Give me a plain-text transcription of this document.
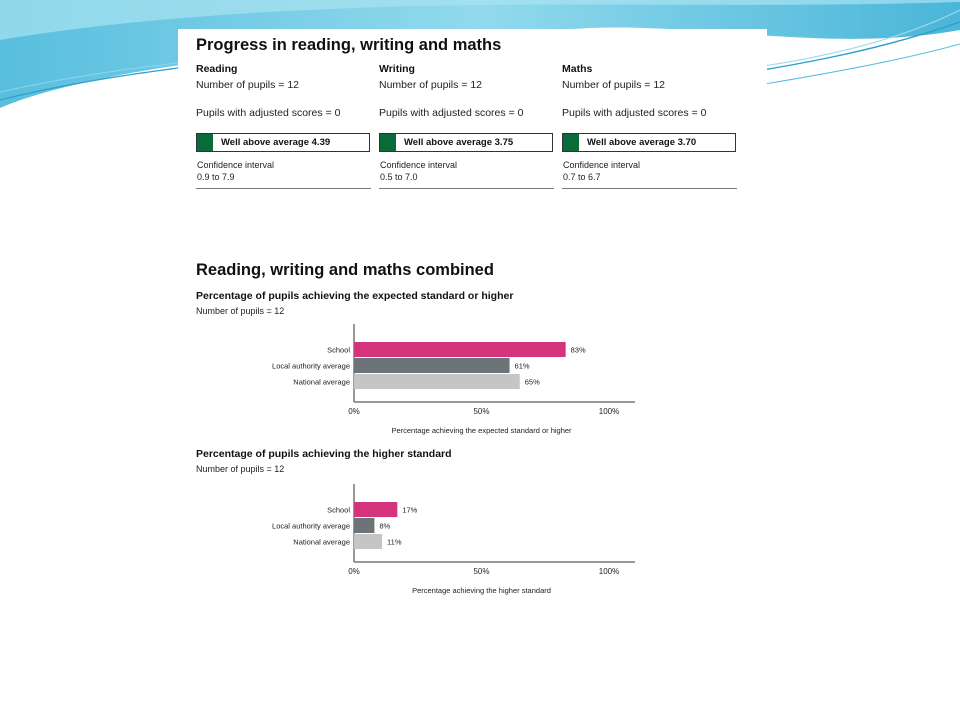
Progress in reading, writing and maths
Reading
Number of pupils = 12
Pupils with adjusted scores = 0
Well above average 4.39
Confidence interval
0.9 to 7.9
Writing
Number of pupils = 12
Pupils with adjusted scores = 0
Well above average 3.75
Confidence interval
0.5 to 7.0
Maths
Number of pupils = 12
Pupils with adjusted scores = 0
Well above average 3.70
Confidence interval
0.7 to 6.7
Reading, writing and maths combined
Percentage of pupils achieving the expected standard or higher
Number of pupils = 12
School	83%
Local authority average	61%
National average	65%
0%	50%	100%
Percentage achieving the expected standard or higher
Percentage of pupils achieving the higher standard
Number of pupils = 12
School	17%
Local authority average	8%
National average	11%
0%	50%	100%
Percentage achieving the higher standard
